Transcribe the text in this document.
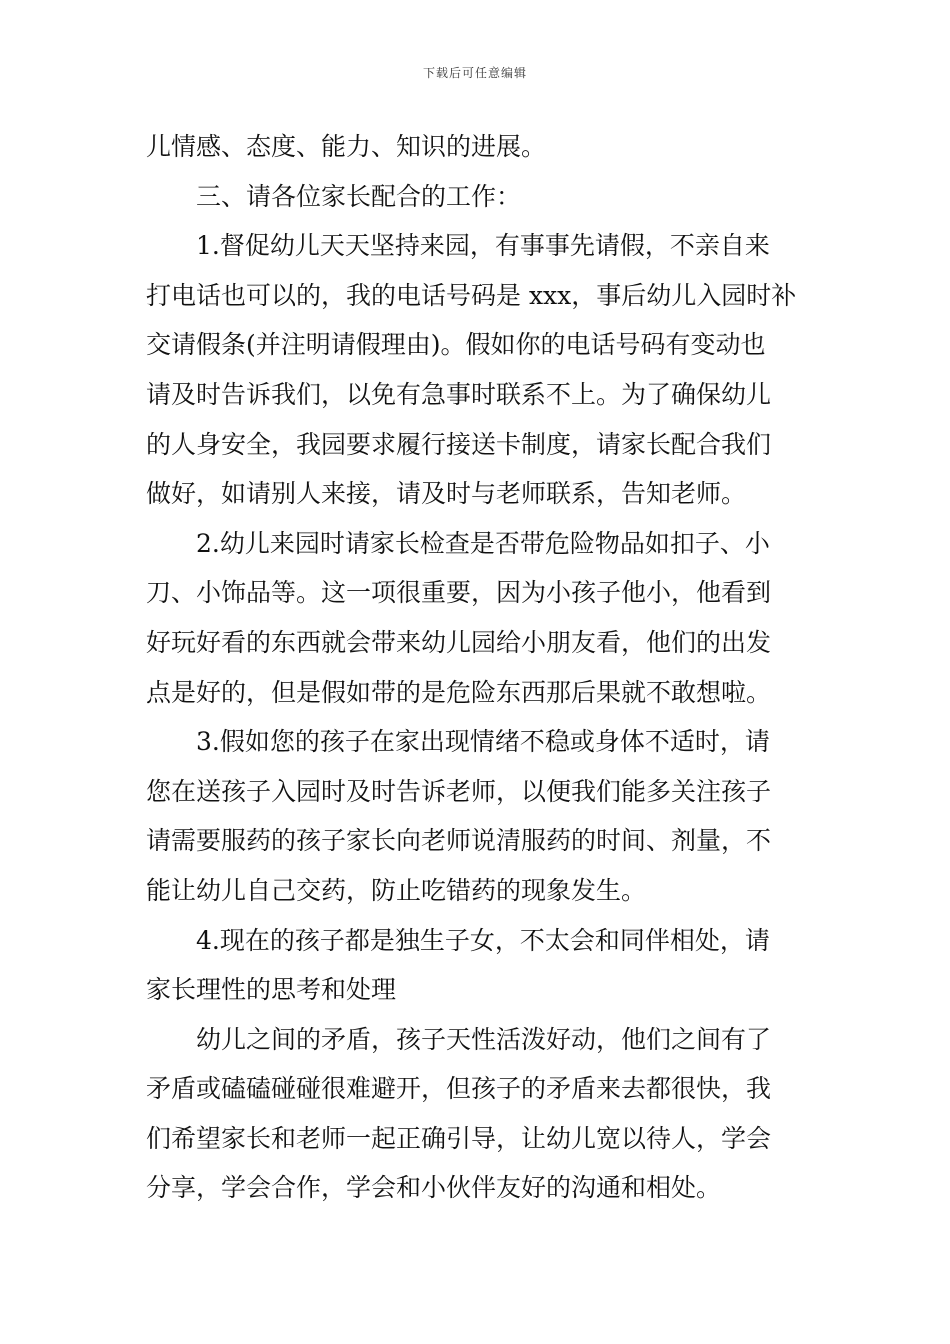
下载后可任意编辑
儿情感、态度、能力、知识的进展。
三、请各位家长配合的工作：
1.督促幼儿天天坚持来园，有事事先请假，不亲自来
打电话也可以的，我的电话号码是 xxx，事后幼儿入园时补
交请假条(并注明请假理由)。假如你的电话号码有变动也
请及时告诉我们，以免有急事时联系不上。为了确保幼儿
的人身安全，我园要求履行接送卡制度，请家长配合我们
做好，如请别人来接，请及时与老师联系，告知老师。
2.幼儿来园时请家长检查是否带危险物品如扣子、小
刀、小饰品等。这一项很重要，因为小孩子他小，他看到
好玩好看的东西就会带来幼儿园给小朋友看，他们的出发
点是好的，但是假如带的是危险东西那后果就不敢想啦。
3.假如您的孩子在家出现情绪不稳或身体不适时，请
您在送孩子入园时及时告诉老师，以便我们能多关注孩子
请需要服药的孩子家长向老师说清服药的时间、剂量，不
能让幼儿自己交药，防止吃错药的现象发生。
4.现在的孩子都是独生子女，不太会和同伴相处，请
家长理性的思考和处理
幼儿之间的矛盾，孩子天性活泼好动，他们之间有了
矛盾或磕磕碰碰很难避开，但孩子的矛盾来去都很快，我
们希望家长和老师一起正确引导，让幼儿宽以待人，学会
分享，学会合作，学会和小伙伴友好的沟通和相处。
